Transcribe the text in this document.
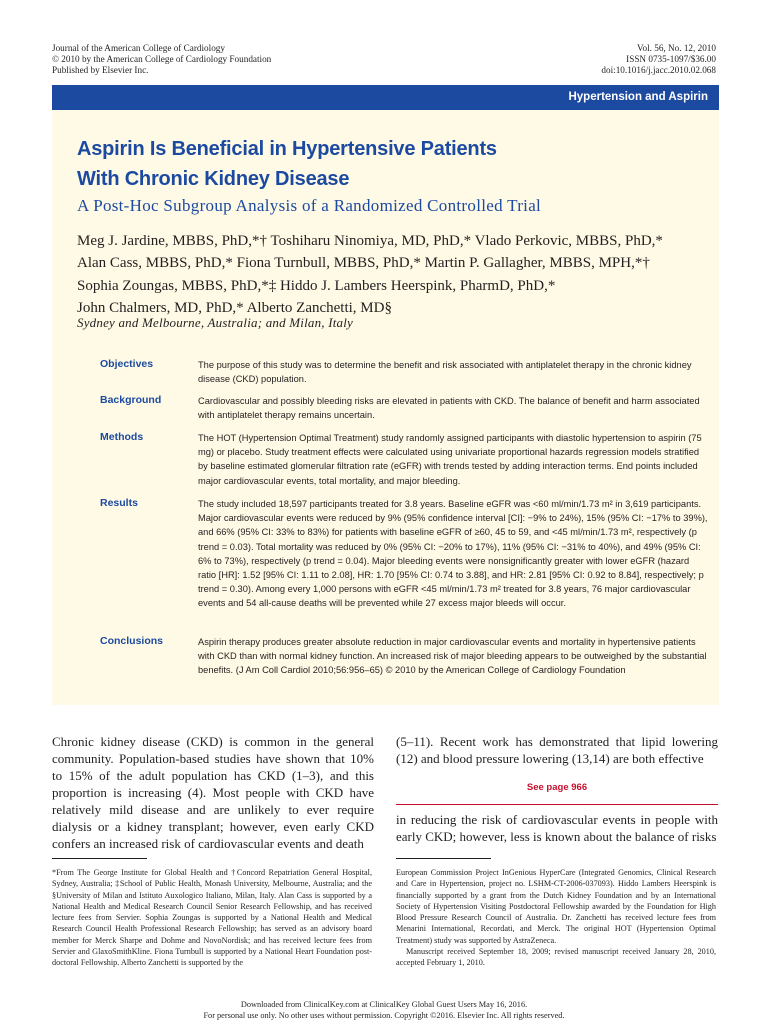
Journal of the American College of Cardiology
© 2010 by the American College of Cardiology Foundation
Published by Elsevier Inc.
Vol. 56, No. 12, 2010
ISSN 0735-1097/$36.00
doi:10.1016/j.jacc.2010.02.068
Hypertension and Aspirin
Aspirin Is Beneficial in Hypertensive Patients
With Chronic Kidney Disease
A Post-Hoc Subgroup Analysis of a Randomized Controlled Trial
Meg J. Jardine, MBBS, PhD,*† Toshiharu Ninomiya, MD, PhD,* Vlado Perkovic, MBBS, PhD,*
Alan Cass, MBBS, PhD,* Fiona Turnbull, MBBS, PhD,* Martin P. Gallagher, MBBS, MPH,*†
Sophia Zoungas, MBBS, PhD,*‡ Hiddo J. Lambers Heerspink, PharmD, PhD,*
John Chalmers, MD, PhD,* Alberto Zanchetti, MD§
Sydney and Melbourne, Australia; and Milan, Italy
Objectives	The purpose of this study was to determine the benefit and risk associated with antiplatelet therapy in the chronic kidney disease (CKD) population.
Background	Cardiovascular and possibly bleeding risks are elevated in patients with CKD. The balance of benefit and harm associated with antiplatelet therapy remains uncertain.
Methods	The HOT (Hypertension Optimal Treatment) study randomly assigned participants with diastolic hypertension to aspirin (75 mg) or placebo. Study treatment effects were calculated using univariate proportional hazards regression models stratified by baseline estimated glomerular filtration rate (eGFR) with trends tested by adding interaction terms. End points included major cardiovascular events, total mortality, and major bleeding.
Results	The study included 18,597 participants treated for 3.8 years. Baseline eGFR was <60 ml/min/1.73 m² in 3,619 participants. Major cardiovascular events were reduced by 9% (95% confidence interval [CI]: −9% to 24%), 15% (95% CI: −17% to 39%), and 66% (95% CI: 33% to 83%) for patients with baseline eGFR of ≥60, 45 to 59, and <45 ml/min/1.73 m², respectively (p trend = 0.03). Total mortality was reduced by 0% (95% CI: −20% to 17%), 11% (95% CI: −31% to 40%), and 49% (95% CI: 6% to 73%), respectively (p trend = 0.04). Major bleeding events were nonsignificantly greater with lower eGFR (hazard ratio [HR]: 1.52 [95% CI: 1.11 to 2.08], HR: 1.70 [95% CI: 0.74 to 3.88], and HR: 2.81 [95% CI: 0.92 to 8.84], respectively; p trend = 0.30). Among every 1,000 persons with eGFR <45 ml/min/1.73 m² treated for 3.8 years, 76 major cardiovascular events and 54 all-cause deaths will be prevented while 27 excess major bleeds will occur.
Conclusions	Aspirin therapy produces greater absolute reduction in major cardiovascular events and mortality in hypertensive patients with CKD than with normal kidney function. An increased risk of major bleeding appears to be outweighed by the substantial benefits. (J Am Coll Cardiol 2010;56:956–65) © 2010 by the American College of Cardiology Foundation
Chronic kidney disease (CKD) is common in the general community. Population-based studies have shown that 10% to 15% of the adult population has CKD (1–3), and this proportion is increasing (4). Most people with CKD have relatively mild disease and are unlikely to ever require dialysis or a kidney transplant; however, even early CKD confers an increased risk of cardiovascular events and death
(5–11). Recent work has demonstrated that lipid lowering (12) and blood pressure lowering (13,14) are both effective
See page 966
in reducing the risk of cardiovascular events in people with early CKD; however, less is known about the balance of risks
*From The George Institute for Global Health and †Concord Repatriation General Hospital, Sydney, Australia; ‡School of Public Health, Monash University, Melbourne, Australia; and the §University of Milan and Istituto Auxologico Italiano, Milan, Italy. Alan Cass is supported by a National Health and Medical Research Council Senior Research Fellowship, and has received lecture fees from Servier. Sophia Zoungas is supported by a National Health and Medical Research Council Health Professional Research Fellowship; has served as an advisory board member for Merck Sharpe and Dohme and NovoNordisk; and has received lecture fees from Servier and GlaxoSmithKline. Fiona Turnbull is supported by a National Heart Foundation post-doctoral Fellowship. Alberto Zanchetti is supported by the
European Commission Project InGenious HyperCare (Integrated Genomics, Clinical Research and Care in Hypertension, project no. LSHM-CT-2006-037093). Hiddo Lambers Heerspink is financially supported by a grant from the Dutch Kidney Foundation and by an International Society of Hypertension Visiting Postdoctoral Fellowship awarded by the Foundation for High Blood Pressure Research Council of Australia. Dr. Zanchetti has received lecture fees from Menarini International, Recordati, and Merck. The original HOT (Hypertension Optimal Treatment) study was supported by AstraZeneca.
Manuscript received September 18, 2009; revised manuscript received January 28, 2010, accepted February 1, 2010.
Downloaded from ClinicalKey.com at ClinicalKey Global Guest Users May 16, 2016.
For personal use only. No other uses without permission. Copyright ©2016. Elsevier Inc. All rights reserved.
